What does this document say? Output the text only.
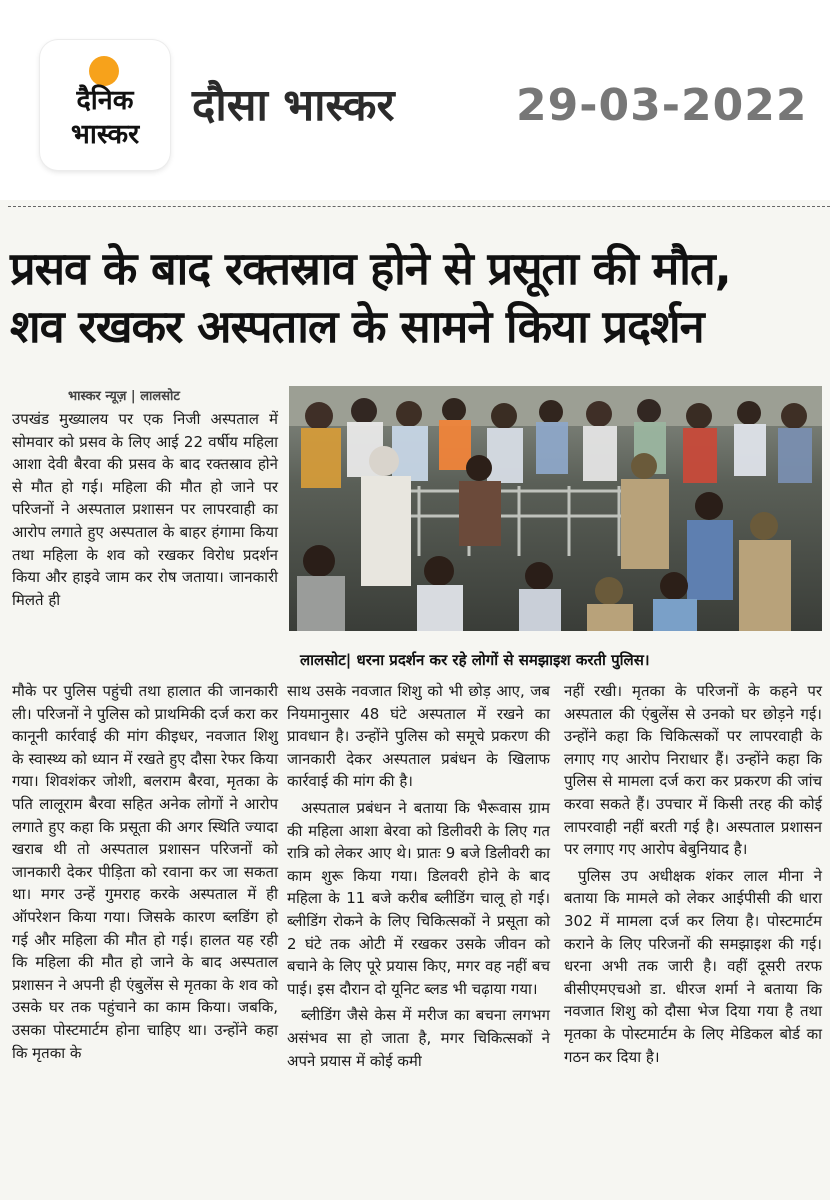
दैनिक
भास्कर
दौसा भास्कर	29-03-2022
प्रसव के बाद रक्तस्राव होने से प्रसूता की मौत,
शव रखकर अस्पताल के सामने किया प्रदर्शन
भास्कर न्यूज़ | लालसोट

उपखंड मुख्यालय पर एक निजी अस्पताल में सोमवार को प्रसव के लिए आई 22 वर्षीय महिला आशा देवी बैरवा की प्रसव के बाद रक्तस्राव होने से मौत हो गई। महिला की मौत हो जाने पर परिजनों ने अस्पताल प्रशासन पर लापरवाही का आरोप लगाते हुए अस्पताल के बाहर हंगामा किया तथा महिला के शव को रखकर विरोध प्रदर्शन किया और हाइवे जाम कर रोष जताया। जानकारी मिलते ही

लालसोट| धरना प्रदर्शन कर रहे लोगों से समझाइश करती पुलिस।

मौके पर पुलिस पहुंची तथा हालात की जानकारी ली। परिजनों ने पुलिस को प्राथमिकी दर्ज करा कर कानूनी कार्रवाई की मांग कीइधर, नवजात शिशु के स्वास्थ्य को ध्यान में रखते हुए दौसा रेफर किया गया। शिवशंकर जोशी, बलराम बैरवा, मृतका के पति लालूराम बैरवा सहित अनेक लोगों ने आरोप लगाते हुए कहा कि प्रसूता की अगर स्थिति ज्यादा खराब थी तो अस्पताल प्रशासन परिजनों को जानकारी देकर पीड़िता को रवाना कर जा सकता था। मगर उन्हें गुमराह करके अस्पताल में ही ऑपरेशन किया गया। जिसके कारण ब्लडिंग हो गई और महिला की मौत हो गई। हालत यह रही कि महिला की मौत हो जाने के बाद अस्पताल प्रशासन ने अपनी ही एंबुलेंस से मृतका के शव को उसके घर तक पहुंचाने का काम किया। जबकि, उसका पोस्टमार्टम होना चाहिए था। उन्होंने कहा कि मृतका के

साथ उसके नवजात शिशु को भी छोड़ आए, जब नियमानुसार 48 घंटे अस्पताल में रखने का प्रावधान है। उन्होंने पुलिस को समूचे प्रकरण की जानकारी देकर अस्पताल प्रबंधन के खिलाफ कार्रवाई की मांग की है।

अस्पताल प्रबंधन ने बताया कि भैरूवास ग्राम की महिला आशा बेरवा को डिलीवरी के लिए गत रात्रि को लेकर आए थे। प्रातः 9 बजे डिलीवरी का काम शुरू किया गया। डिलवरी होने के बाद महिला के 11 बजे करीब ब्लीडिंग चालू हो गई। ब्लीडिंग रोकने के लिए चिकित्सकों ने प्रसूता को 2 घंटे तक ओटी में रखकर उसके जीवन को बचाने के लिए पूरे प्रयास किए, मगर वह नहीं बच पाई। इस दौरान दो यूनिट ब्लड भी चढ़ाया गया।

ब्लीडिंग जैसे केस में मरीज का बचना लगभग असंभव सा हो जाता है, मगर चिकित्सकों ने अपने प्रयास में कोई कमी

नहीं रखी। मृतका के परिजनों के कहने पर अस्पताल की एंबुलेंस से उनको घर छोड़ने गई। उन्होंने कहा कि चिकित्सकों पर लापरवाही के लगाए गए आरोप निराधार हैं। उन्होंने कहा कि पुलिस से मामला दर्ज करा कर प्रकरण की जांच करवा सकते हैं। उपचार में किसी तरह की कोई लापरवाही नहीं बरती गई है। अस्पताल प्रशासन पर लगाए गए आरोप बेबुनियाद है।

पुलिस उप अधीक्षक शंकर लाल मीना ने बताया कि मामले को लेकर आईपीसी की धारा 302 में मामला दर्ज कर लिया है। पोस्टमार्टम कराने के लिए परिजनों की समझाइश की गई। धरना अभी तक जारी है। वहीं दूसरी तरफ बीसीएमएचओ डा. धीरज शर्मा ने बताया कि नवजात शिशु को दौसा भेज दिया गया है तथा मृतका के पोस्टमार्टम के लिए मेडिकल बोर्ड का गठन कर दिया है।
